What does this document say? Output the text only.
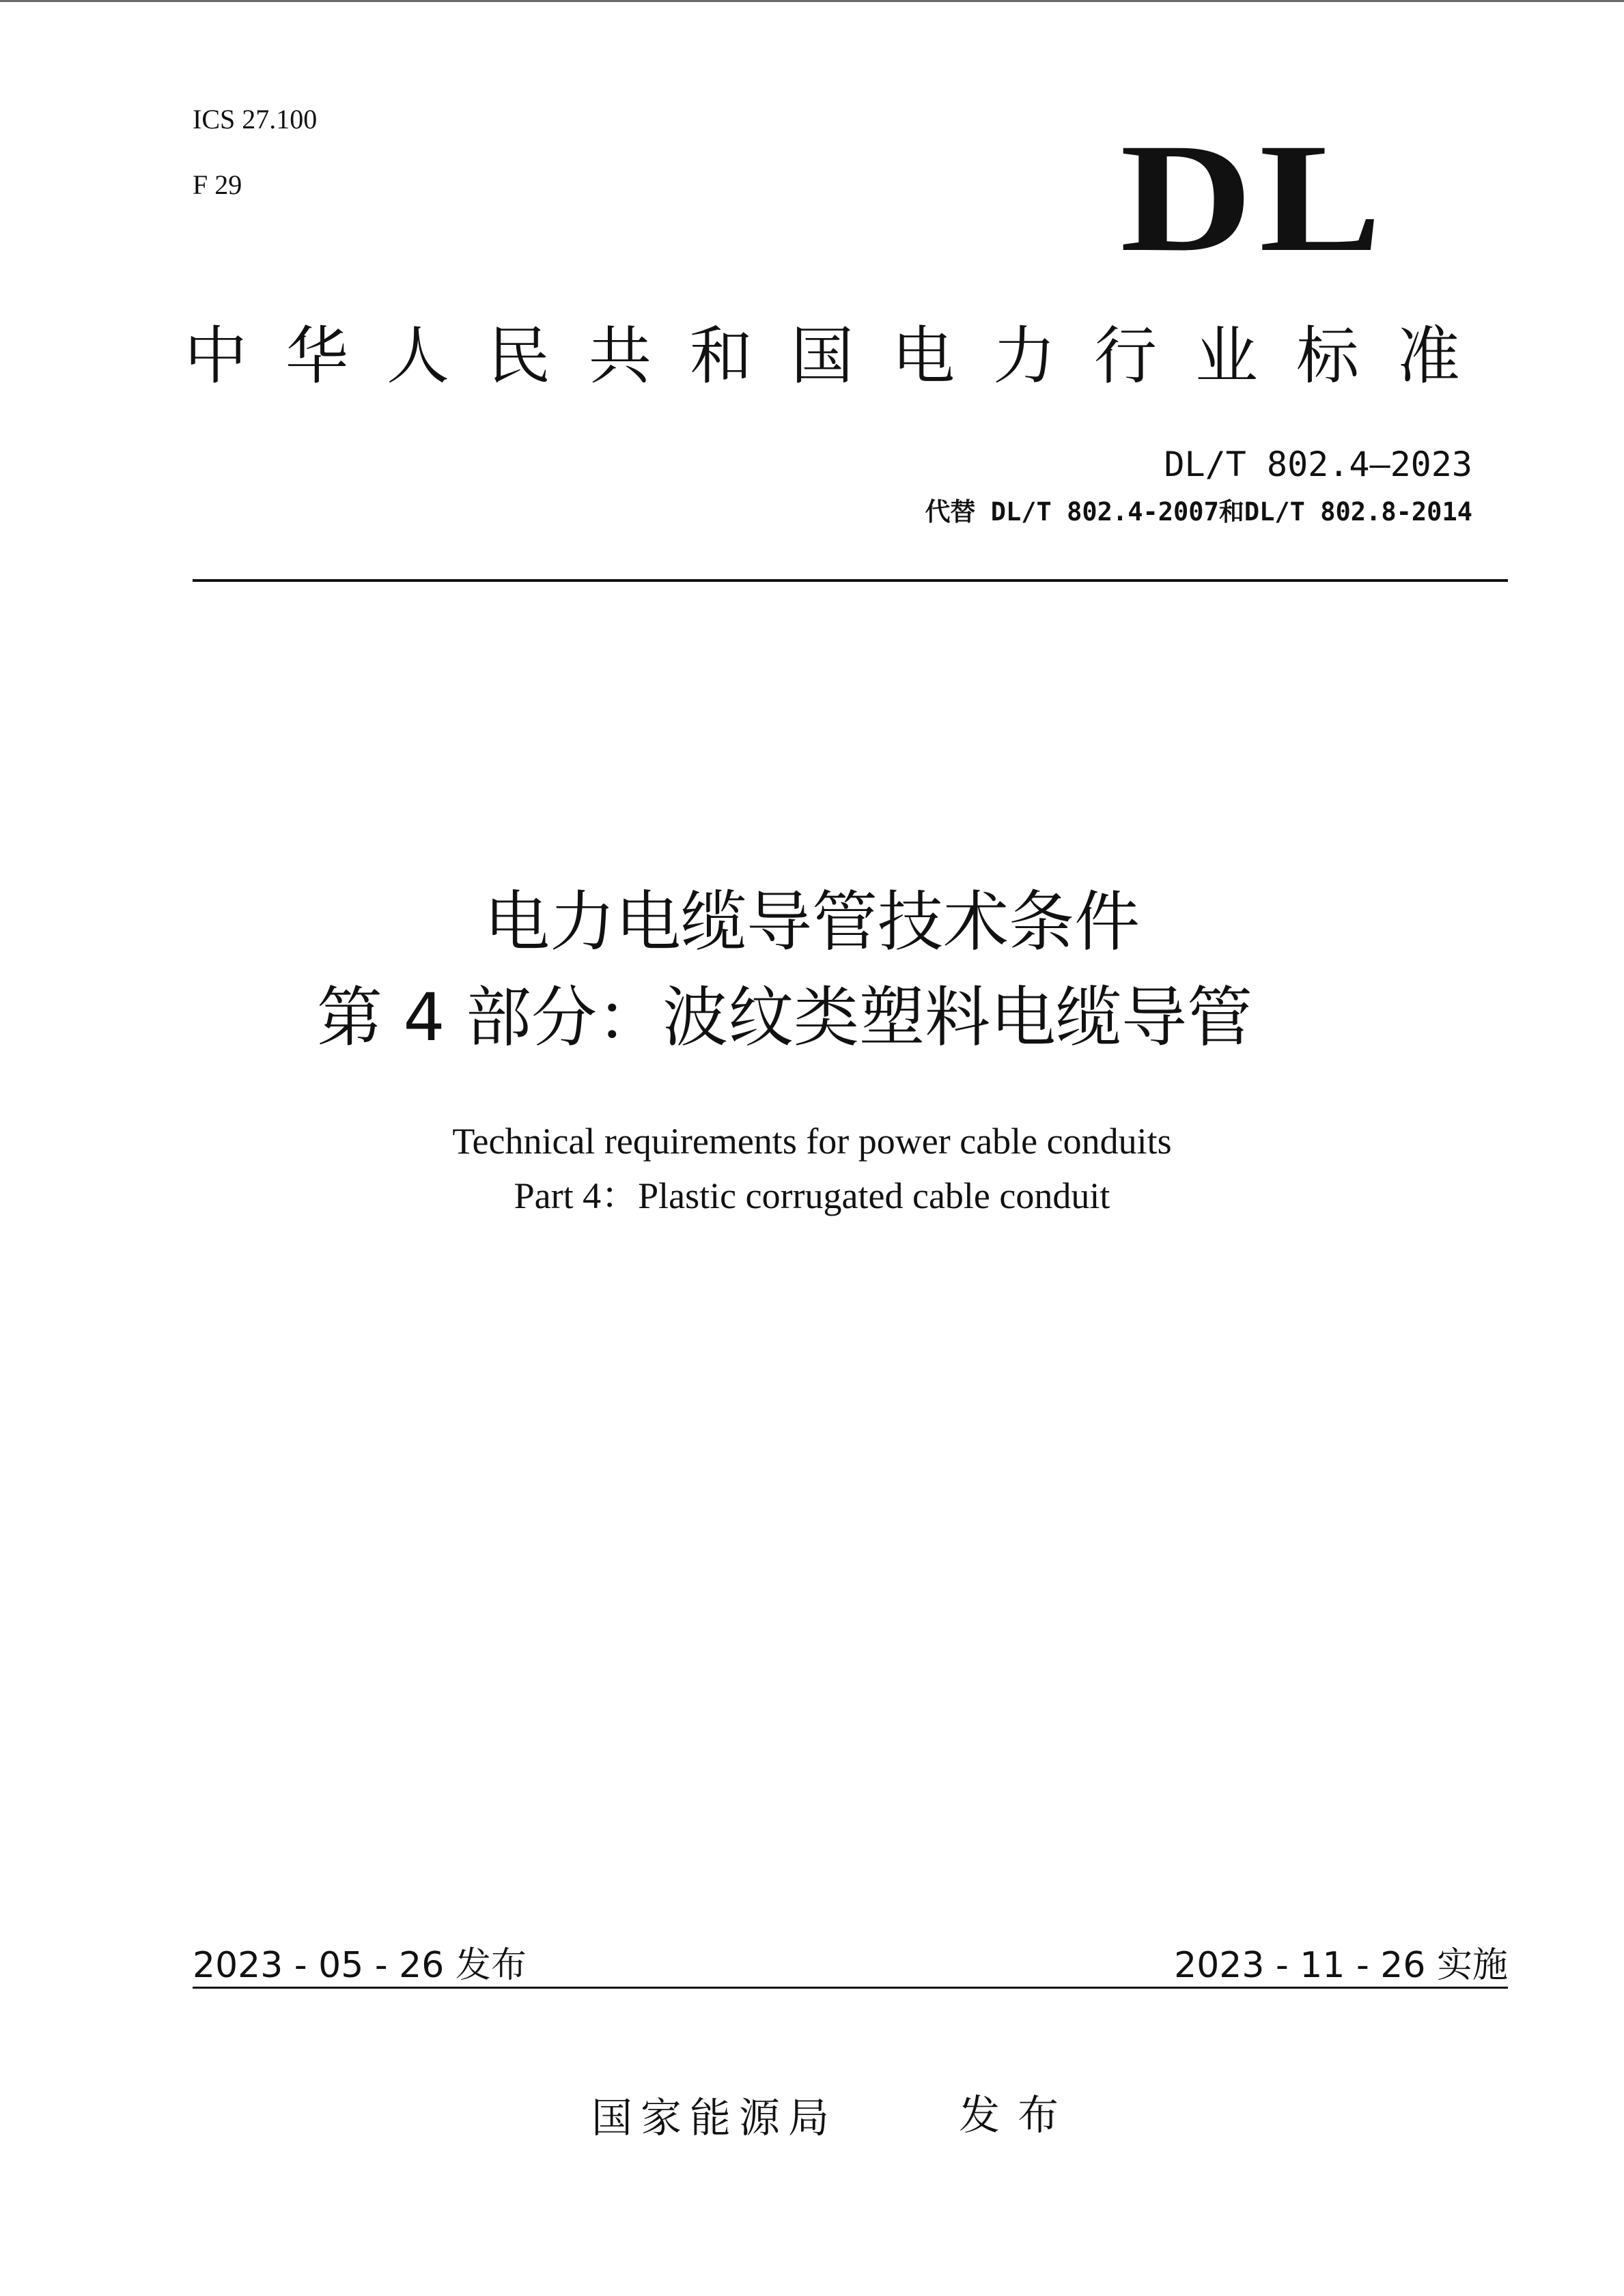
ICS 27.100
F 29	DL
中华人民共和国电力行业标准
DL/T 802.4—2023
代替 DL/T 802.4-2007和DL/T 802.8-2014
电力电缆导管技术条件
第 4 部分：波纹类塑料电缆导管
Technical requirements for power cable conduits
Part 4：Plastic corrugated cable conduit
2023 - 05 - 26 发布	2023 - 11 - 26 实施
国家能源局	发布
